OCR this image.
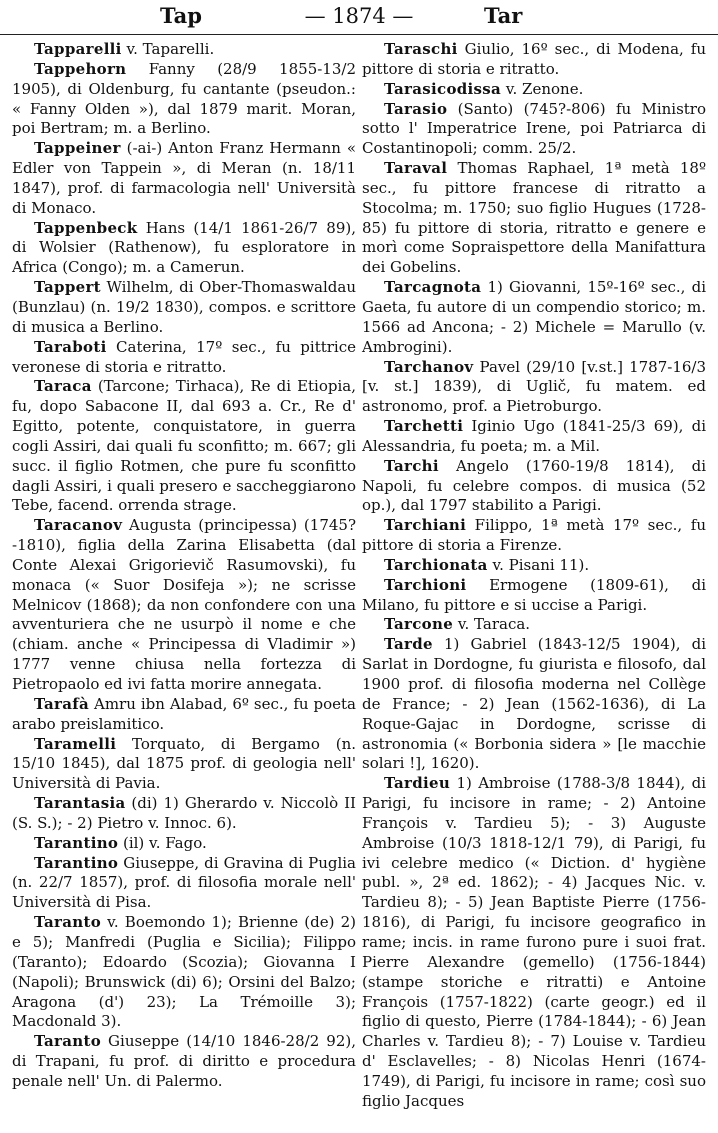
Tap	— 1874 —	Tar

Tapparelli v. Taparelli.

Tappehorn Fanny (28/9 1855-13/2 1905), di Oldenburg, fu cantante (pseudon.: « Fanny Olden »), dal 1879 marit. Moran, poi Bertram; m. a Berlino.

Tappeiner (-ai-) Anton Franz Hermann « Edler von Tappein », di Meran (n. 18/11 1847), prof. di farmacologia nell' Università di Monaco.

Tappenbeck Hans (14/1 1861-26/7 89), di Wolsier (Rathenow), fu esploratore in Africa (Congo); m. a Camerun.

Tappert Wilhelm, di Ober-Thomaswaldau (Bunzlau) (n. 19/2 1830), compos. e scrittore di musica a Berlino.

Taraboti Caterina, 17º sec., fu pittrice veronese di storia e ritratto.

Taraca (Tarcone; Tirhaca), Re di Etiopia, fu, dopo Sabacone II, dal 693 a. Cr., Re d' Egitto, potente, conquistatore, in guerra cogli Assiri, dai quali fu sconfitto; m. 667; gli succ. il figlio Rotmen, che pure fu sconfitto dagli Assiri, i quali presero e saccheggiarono Tebe, facend. orrenda strage.

Taracanov Augusta (principessa) (1745?-1810), figlia della Zarina Elisabetta (dal Conte Alexai Grigorievič Rasumovski), fu monaca (« Suor Dosifeja »); ne scrisse Melnicov (1868); da non confondere con una avventuriera che ne usurpò il nome e che (chiam. anche « Principessa di Vladimir ») 1777 venne chiusa nella fortezza di Pietropaolo ed ivi fatta morire annegata.

Tarafà Amru ibn Alabad, 6º sec., fu poeta arabo preislamitico.

Taramelli Torquato, di Bergamo (n. 15/10 1845), dal 1875 prof. di geologia nell' Università di Pavia.

Tarantasia (di) 1) Gherardo v. Niccolò II (S. S.); - 2) Pietro v. Innoc. 6).

Tarantino (il) v. Fago.

Tarantino Giuseppe, di Gravina di Puglia (n. 22/7 1857), prof. di filosofia morale nell' Università di Pisa.

Taranto v. Boemondo 1); Brienne (de) 2) e 5); Manfredi (Puglia e Sicilia); Filippo (Taranto); Edoardo (Scozia); Giovanna I (Napoli); Brunswick (di) 6); Orsini del Balzo; Aragona (d') 23); La Trémoille 3); Macdonald 3).

Taranto Giuseppe (14/10 1846-28/2 92), di Trapani, fu prof. di diritto e procedura penale nell' Un. di Palermo.

Taraschi Giulio, 16º sec., di Modena, fu pittore di storia e ritratto.

Tarasicodissa v. Zenone.

Tarasio (Santo) (745?-806) fu Ministro sotto l' Imperatrice Irene, poi Patriarca di Costantinopoli; comm. 25/2.

Taraval Thomas Raphael, 1ª metà 18º sec., fu pittore francese di ritratto a Stocolma; m. 1750; suo figlio Hugues (1728-85) fu pittore di storia, ritratto e genere e morì come Sopraispettore della Manifattura dei Gobelins.

Tarcagnota 1) Giovanni, 15º-16º sec., di Gaeta, fu autore di un compendio storico; m. 1566 ad Ancona; - 2) Michele = Marullo (v. Ambrogini).

Tarchanov Pavel (29/10 [v.st.] 1787-16/3 [v. st.] 1839), di Uglič, fu matem. ed astronomo, prof. a Pietroburgo.

Tarchetti Iginio Ugo (1841-25/3 69), di Alessandria, fu poeta; m. a Mil.

Tarchi Angelo (1760-19/8 1814), di Napoli, fu celebre compos. di musica (52 op.), dal 1797 stabilito a Parigi.

Tarchiani Filippo, 1ª metà 17º sec., fu pittore di storia a Firenze.

Tarchionata v. Pisani 11).

Tarchioni Ermogene (1809-61), di Milano, fu pittore e si uccise a Parigi.

Tarcone v. Taraca.

Tarde 1) Gabriel (1843-12/5 1904), di Sarlat in Dordogne, fu giurista e filosofo, dal 1900 prof. di filosofia moderna nel Collège de France; - 2) Jean (1562-1636), di La Roque-Gajac in Dordogne, scrisse di astronomia (« Borbonia sidera » [le macchie solari !], 1620).

Tardieu 1) Ambroise (1788-3/8 1844), di Parigi, fu incisore in rame; - 2) Antoine François v. Tardieu 5); - 3) Auguste Ambroise (10/3 1818-12/1 79), di Parigi, fu ivi celebre medico (« Diction. d' hygiène publ. », 2ª ed. 1862); - 4) Jacques Nic. v. Tardieu 8); - 5) Jean Baptiste Pierre (1756-1816), di Parigi, fu incisore geografico in rame; incis. in rame furono pure i suoi frat. Pierre Alexandre (gemello) (1756-1844) (stampe storiche e ritratti) e Antoine François (1757-1822) (carte geogr.) ed il figlio di questo, Pierre (1784-1844); - 6) Jean Charles v. Tardieu 8); - 7) Louise v. Tardieu d' Esclavelles; - 8) Nicolas Henri (1674-1749), di Parigi, fu incisore in rame; così suo figlio Jacques
